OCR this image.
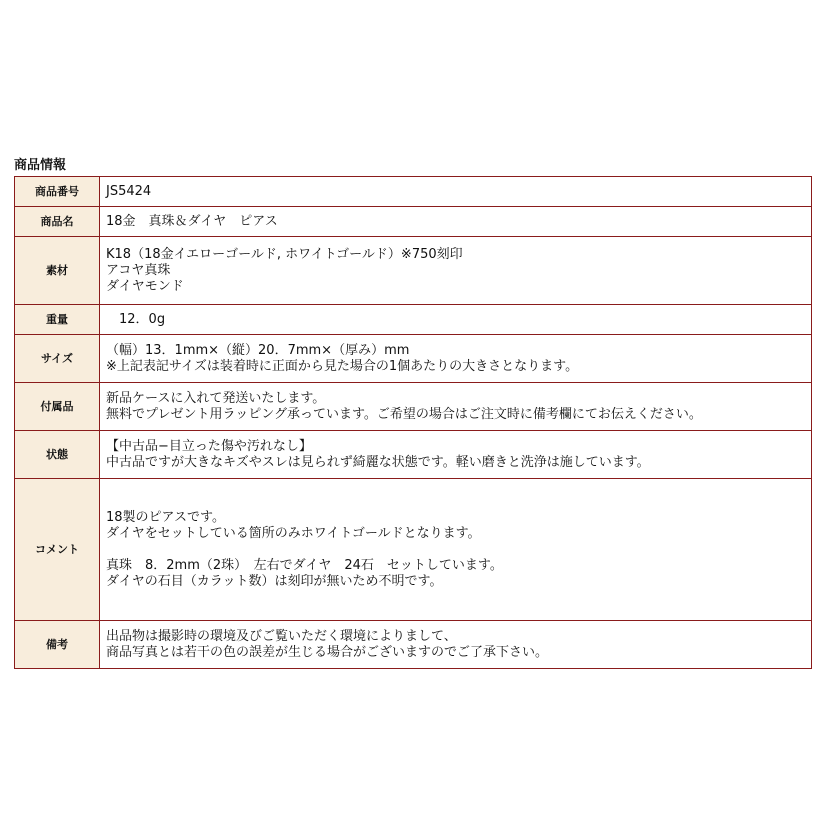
商品情報
商品番号	JS5424

商品名	18金　真珠＆ダイヤ　ピアス

素材	K18（18金イエローゴールド, ホワイトゴールド）※750刻印
アコヤ真珠
ダイヤモンド

重量	　12．0g

サイズ	（幅）13．1mm×（縦）20．7mm×（厚み）mm
※上記表記サイズは装着時に正面から見た場合の1個あたりの大きさとなります。

付属品	新品ケースに入れて発送いたします。
無料でプレゼント用ラッピング承っています。ご希望の場合はご注文時に備考欄にてお伝えください。

状態	【中古品−目立った傷や汚れなし】
中古品ですが大きなキズやスレは見られず綺麗な状態です。軽い磨きと洗浄は施しています。

コメント	18製のピアスです。
ダイヤをセットしている箇所のみホワイトゴールドとなります。
真珠　8．2mm（2珠）　左右でダイヤ　24石　セットしています。
ダイヤの石目（カラット数）は刻印が無いため不明です。

備考	出品物は撮影時の環境及びご覧いただく環境によりまして、
商品写真とは若干の色の誤差が生じる場合がございますのでご了承下さい。
